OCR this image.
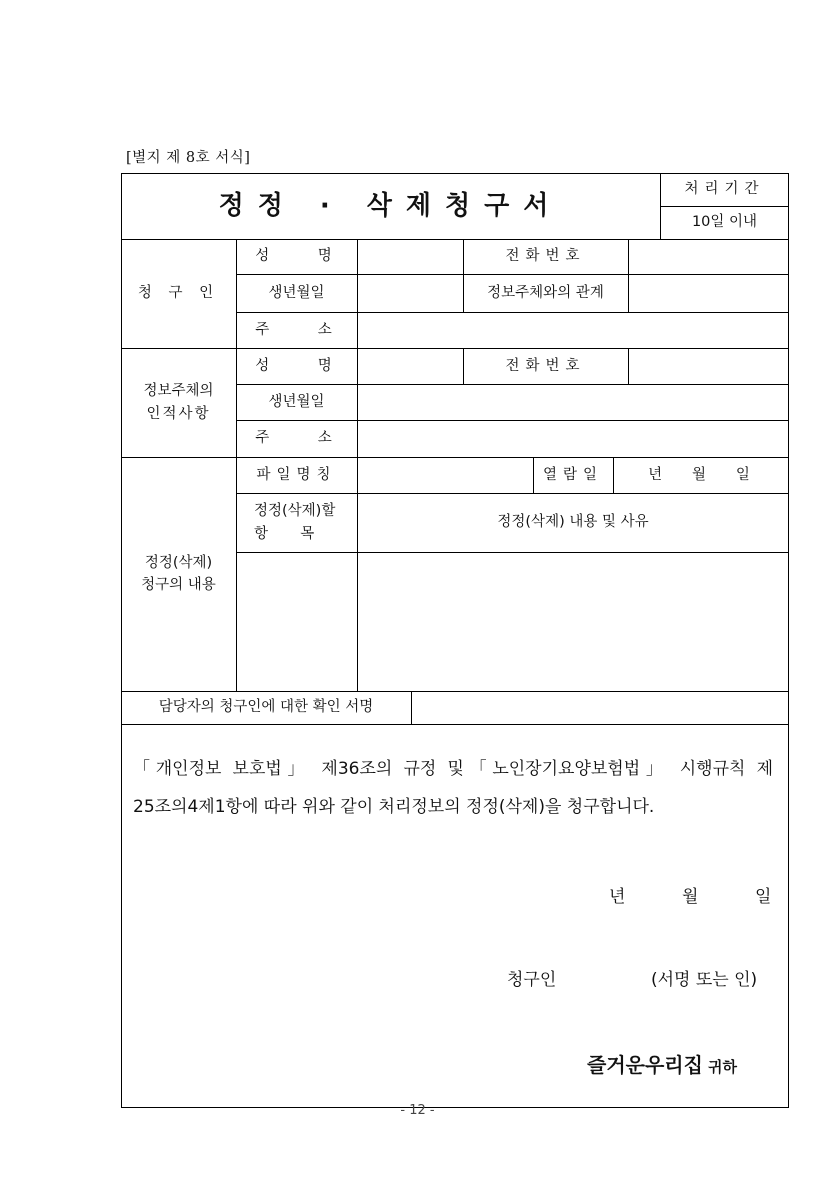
[별지 제 8호 서식]
정정 · 삭제청구서
처리기간
10일 이내
청 구 인
성    명	전화번호
생년월일	정보주체와의 관계
주    소
정보주체의
인적사항
성    명	전화번호
생년월일
주    소
정정(삭제)
청구의 내용
파일명칭	열람일	년   월   일
정정(삭제)할
항       목
정정(삭제) 내용 및 사유
담당자의 청구인에 대한 확인 서명

「개인정보 보호법」 제36조의 규정 및「노인장기요양보험법」 시행규칙 제

25조의4제1항에 따라 위와 같이 처리정보의 정정(삭제)을 청구합니다.

년	월	일
청구인	(서명 또는 인)
즐거운우리집 귀하
- 12 -
